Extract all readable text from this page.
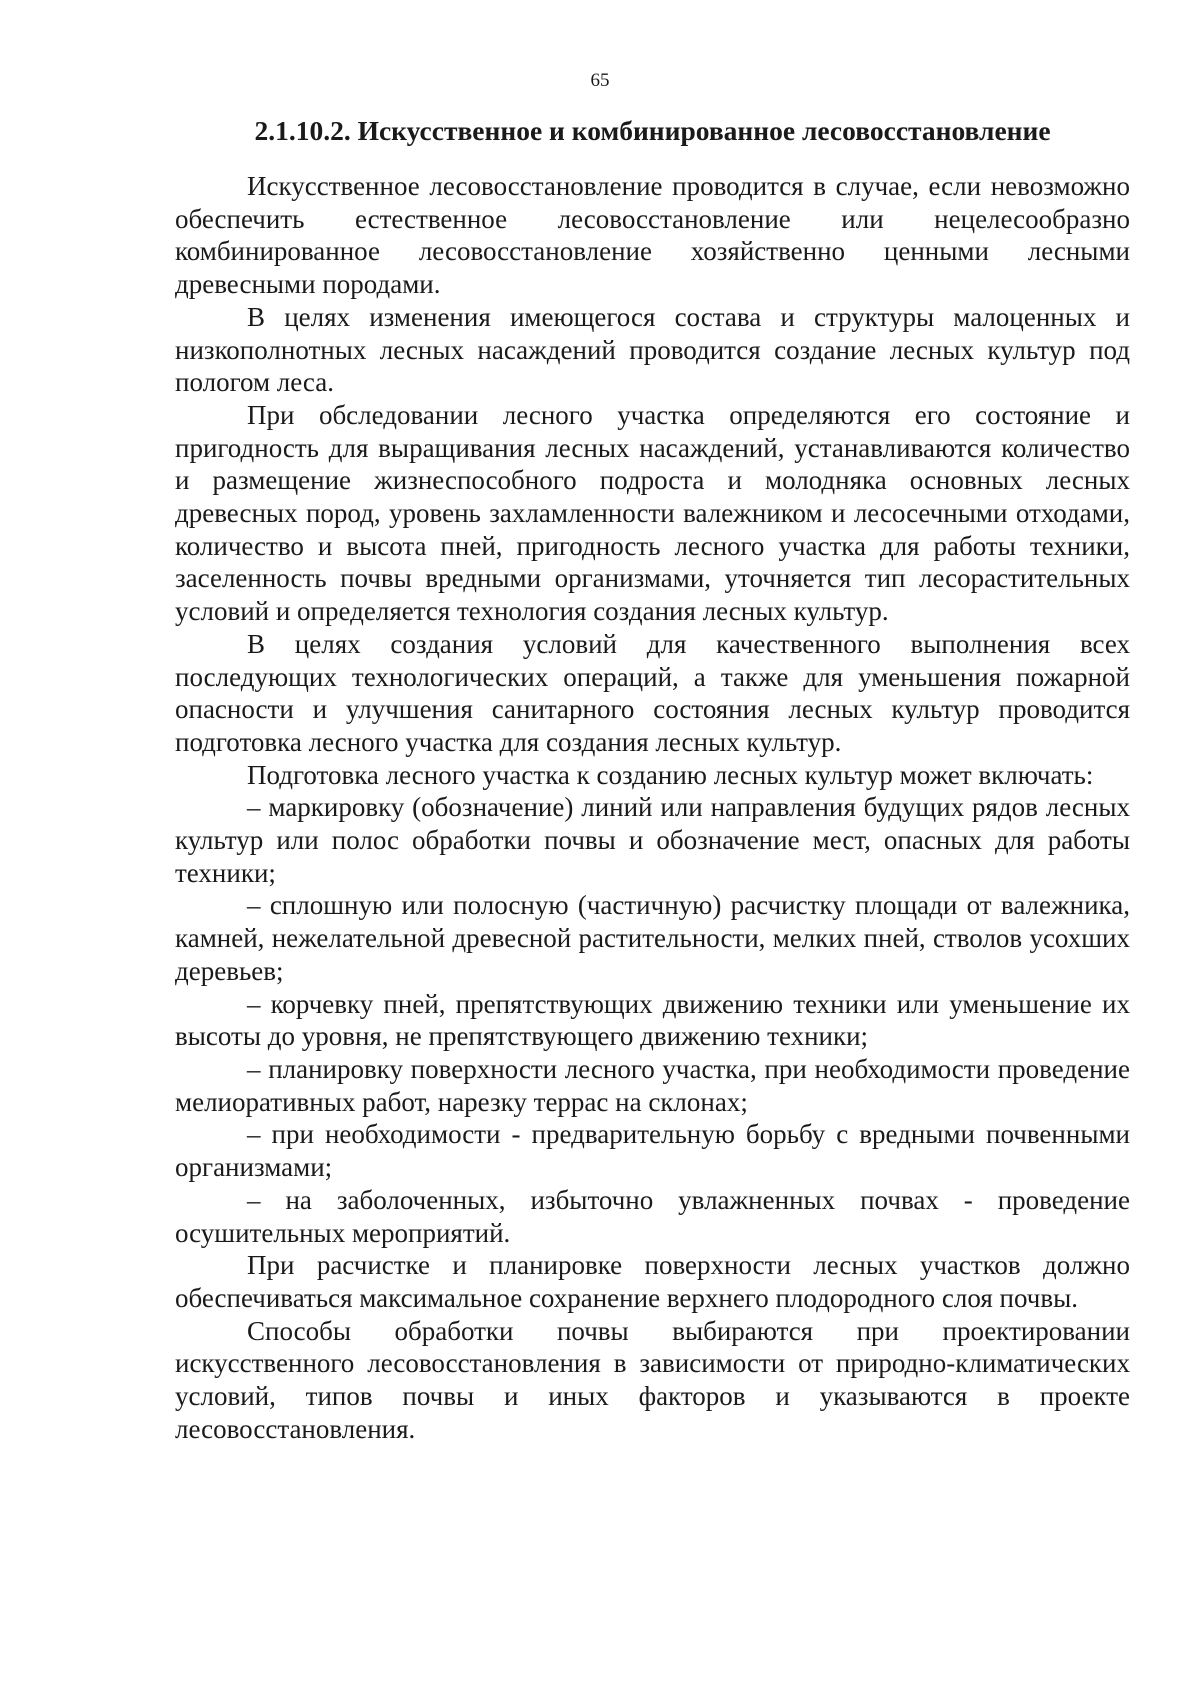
65
2.1.10.2. Искусственное и комбинированное лесовосстановление

Искусственное лесовосстановление проводится в случае, если невозможно обеспечить естественное лесовосстановление или нецелесообразно комбинированное лесовосстановление хозяйственно ценными лесными древесными породами.

В целях изменения имеющегося состава и структуры малоценных и низкополнотных лесных насаждений проводится создание лесных культур под пологом леса.

При обследовании лесного участка определяются его состояние и пригодность для выращивания лесных насаждений, устанавливаются количество и размещение жизнеспособного подроста и молодняка основных лесных древесных пород, уровень захламленности валежником и лесосечными отходами, количество и высота пней, пригодность лесного участка для работы техники, заселенность почвы вредными организмами, уточняется тип лесорастительных условий и определяется технология создания лесных культур.

В целях создания условий для качественного выполнения всех последующих технологических операций, а также для уменьшения пожарной опасности и улучшения санитарного состояния лесных культур проводится подготовка лесного участка для создания лесных культур.

Подготовка лесного участка к созданию лесных культур может включать:

– маркировку (обозначение) линий или направления будущих рядов лесных культур или полос обработки почвы и обозначение мест, опасных для работы техники;

– сплошную или полосную (частичную) расчистку площади от валежника, камней, нежелательной древесной растительности, мелких пней, стволов усохших деревьев;

– корчевку пней, препятствующих движению техники или уменьшение их высоты до уровня, не препятствующего движению техники;

– планировку поверхности лесного участка, при необходимости проведение мелиоративных работ, нарезку террас на склонах;

– при необходимости - предварительную борьбу с вредными почвенными организмами;

– на заболоченных, избыточно увлажненных почвах - проведение осушительных мероприятий.

При расчистке и планировке поверхности лесных участков должно обеспечиваться максимальное сохранение верхнего плодородного слоя почвы.

Способы обработки почвы выбираются при проектировании искусственного лесовосстановления в зависимости от природно-климатических условий, типов почвы и иных факторов и указываются в проекте лесовосстановления.
